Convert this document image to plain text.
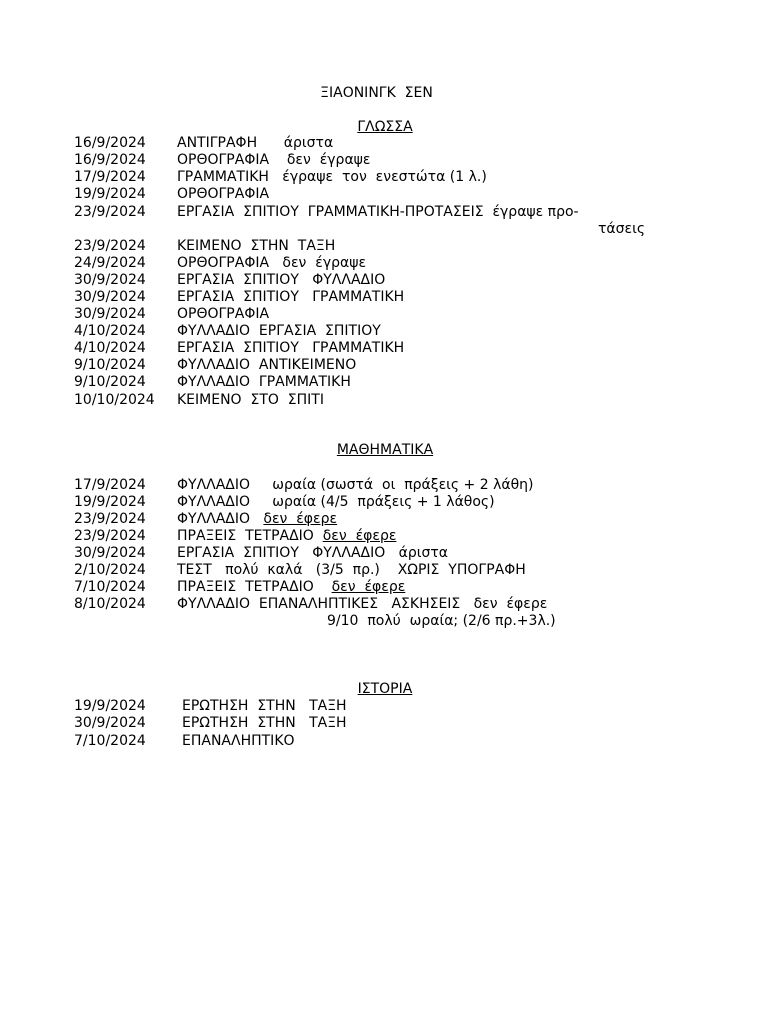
ΞΙΑΟΝΙΝΓΚ  ΣΕΝ
ΓΛΩΣΣΑ
16/9/2024 ΑΝΤΙΓΡΑΦΗ      άριστα
16/9/2024 ΟΡΘΟΓΡΑΦΙΑ    δεν  έγραψε
17/9/2024 ΓΡΑΜΜΑΤΙΚΗ   έγραψε  τον  ενεστώτα (1 λ.)
19/9/2024 ΟΡΘΟΓΡΑΦΙΑ
23/9/2024 ΕΡΓΑΣΙΑ  ΣΠΙΤΙΟΥ  ΓΡΑΜΜΑΤΙΚΗ-ΠΡΟΤΑΣΕΙΣ  έγραψε προ-
τάσεις
23/9/2024 ΚΕΙΜΕΝΟ  ΣΤΗΝ  ΤΑΞΗ
24/9/2024 ΟΡΘΟΓΡΑΦΙΑ   δεν  έγραψε
30/9/2024 ΕΡΓΑΣΙΑ  ΣΠΙΤΙΟΥ   ΦΥΛΛΑΔΙΟ
30/9/2024 ΕΡΓΑΣΙΑ  ΣΠΙΤΙΟΥ   ΓΡΑΜΜΑΤΙΚΗ
30/9/2024 ΟΡΘΟΓΡΑΦΙΑ
4/10/2024 ΦΥΛΛΑΔΙΟ  ΕΡΓΑΣΙΑ  ΣΠΙΤΙΟΥ
4/10/2024 ΕΡΓΑΣΙΑ  ΣΠΙΤΙΟΥ   ΓΡΑΜΜΑΤΙΚΗ
9/10/2024 ΦΥΛΛΑΔΙΟ  ΑΝΤΙΚΕΙΜΕΝΟ
9/10/2024 ΦΥΛΛΑΔΙΟ  ΓΡΑΜΜΑΤΙΚΗ
10/10/2024 ΚΕΙΜΕΝΟ  ΣΤΟ  ΣΠΙΤΙ
ΜΑΘΗΜΑΤΙΚΑ
17/9/2024 ΦΥΛΛΑΔΙΟ     ωραία (σωστά  οι  πράξεις + 2 λάθη)
19/9/2024 ΦΥΛΛΑΔΙΟ     ωραία (4/5  πράξεις + 1 λάθος)
23/9/2024 ΦΥΛΛΑΔΙΟ   δεν  έφερε
23/9/2024 ΠΡΑΞΕΙΣ  ΤΕΤΡΑΔΙΟ  δεν  έφερε
30/9/2024 ΕΡΓΑΣΙΑ  ΣΠΙΤΙΟΥ   ΦΥΛΛΑΔΙΟ   άριστα
2/10/2024 ΤΕΣΤ   πολύ  καλά   (3/5  πρ.)    ΧΩΡΙΣ  ΥΠΟΓΡΑΦΗ
7/10/2024 ΠΡΑΞΕΙΣ  ΤΕΤΡΑΔΙΟ    δεν  έφερε
8/10/2024 ΦΥΛΛΑΔΙΟ  ΕΠΑΝΑΛΗΠΤΙΚΕΣ   ΑΣΚΗΣΕΙΣ   δεν  έφερε
9/10  πολύ  ωραία; (2/6 πρ.+3λ.)
ΙΣΤΟΡΙΑ
19/9/2024	ΕΡΩΤΗΣΗ  ΣΤΗΝ   ΤΑΞΗ
30/9/2024	ΕΡΩΤΗΣΗ  ΣΤΗΝ   ΤΑΞΗ
7/10/2024	ΕΠΑΝΑΛΗΠΤΙΚΟ
